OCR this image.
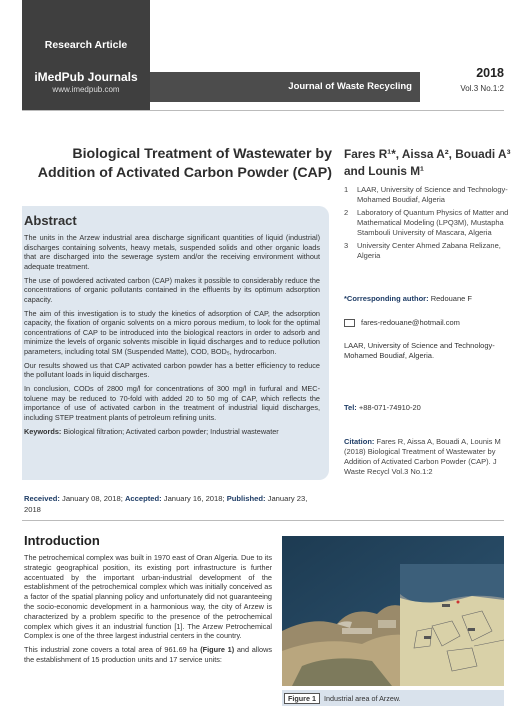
Research Article
iMedPub Journals
www.imedpub.com	Journal of Waste Recycling
2018
Vol.3 No.1:2
Biological Treatment of Wastewater by Addition of Activated Carbon Powder (CAP)
Fares R¹*, Aissa A², Bouadi A³ and Lounis M¹
1	LAAR, University of Science and Technology-Mohamed Boudiaf, Algeria
2	Laboratory of Quantum Physics of Matter and Mathematical Modeling (LPQ3M), Mustapha Stambouli University of Mascara, Algeria
3	University Center Ahmed Zabana Relizane, Algeria
Abstract

The units in the Arzew industrial area discharge significant quantities of liquid (industrial) discharges containing solvents, heavy metals, suspended solids and other organic loads that are discharged into the sewerage system and/or the receiving environment without adequate treatment.

The use of powdered activated carbon (CAP) makes it possible to considerably reduce the concentrations of organic pollutants contained in the effluents by its optimum adsorption capacity.

The aim of this investigation is to study the kinetics of adsorption of CAP, the adsorption capacity, the fixation of organic solvents on a micro porous medium, to look for the optimal concentrations of CAP to be introduced into the biological reactors in order to adsorb and minimize the levels of organic solvents miscible in liquid discharges and to reduce pollution parameters, including total SM (Suspended Matte), COD, BOD₅, hydrocarbon.

Our results showed us that CAP activated carbon powder has a better efficiency to reduce the pollutant loads in liquid discharges.

In conclusion, CODs of 2800 mg/l for concentrations of 300 mg/l in furfural and MEC-toluene may be reduced to 70-fold with added 20 to 50 mg of CAP, which reflects the importance of use of activated carbon in the treatment of industrial liquid discharges, including STEP treatment plants of petroleum refining units.

Keywords: Biological filtration; Activated carbon powder; Industrial wastewater

*Corresponding author: Redouane F
fares-redouane@hotmail.com
LAAR, University of Science and Technology-Mohamed Boudiaf, Algeria.
Tel: +88-071-74910-20
Citation: Fares R, Aissa A, Bouadi A, Lounis M (2018) Biological Treatment of Wastewater by Addition of Activated Carbon Powder (CAP). J Waste Recycl Vol.3 No.1:2
Received: January 08, 2018; Accepted: January 16, 2018; Published: January 23, 2018
Introduction

The petrochemical complex was built in 1970 east of Oran Algeria. Due to its strategic geographical position, its existing port infrastructure is further accentuated by the important urban-industrial development of the establishment of the petrochemical complex which was initially conceived as a factor of the spatial planning policy and unfortunately did not guaranteeing the socio-economic development in a harmonious way, the city of Arzew is characterized by a problem specific to the presence of the petrochemical complex which gives it an industrial function [1]. The Arzew Petrochemical Complex is one of the three largest industrial centers in the country.

This industrial zone covers a total area of 961.69 ha (Figure 1) and allows the establishment of 15 production units and 17 service units:

Figure 1 Industrial area of Arzew.
